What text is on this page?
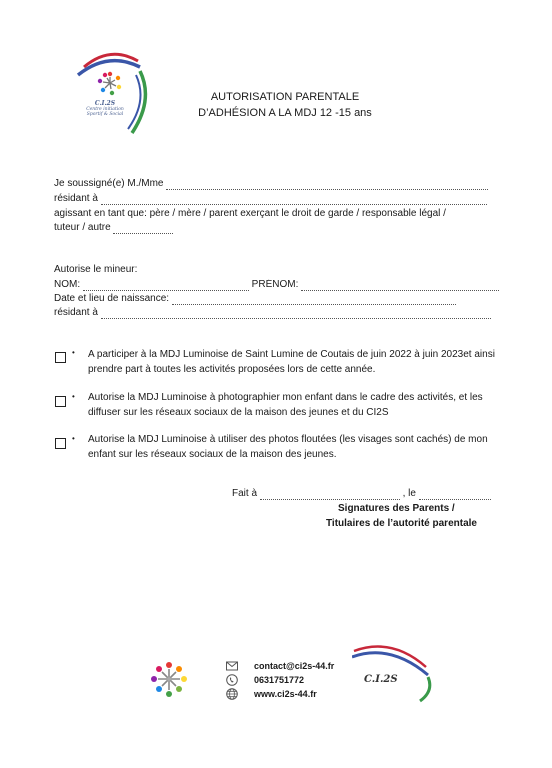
C.I.2S
Centre initiation Sportif & Social
AUTORISATION PARENTALE
D’ADHÉSION A LA MDJ 12 -15 ans
Je soussigné(e) M./Mme
résidant à
agissant en tant que: père / mère / parent exerçant le droit de garde / responsable légal /
tuteur / autre
Autorise le mineur:
NOM:	PRÉNOM:
Date et lieu de naissance:
résidant à
• A participer à la MDJ Luminoise de Saint Lumine de Coutais de juin 2022 à juin 2023et ainsi prendre part à toutes les activités proposées lors de cette année.
• Autorise la MDJ Luminoise à photographier mon enfant dans le cadre des activités, et les diffuser sur les réseaux sociaux de la maison des jeunes et du CI2S
• Autorise la MDJ Luminoise à utiliser des photos floutées (les visages sont cachés) de mon enfant sur les réseaux sociaux de la maison des jeunes.
Fait à	, le
Signatures des Parents /
Titulaires de l’autorité parentale
contact@ci2s-44.fr
0631751772
www.ci2s-44.fr
C.I.2S
